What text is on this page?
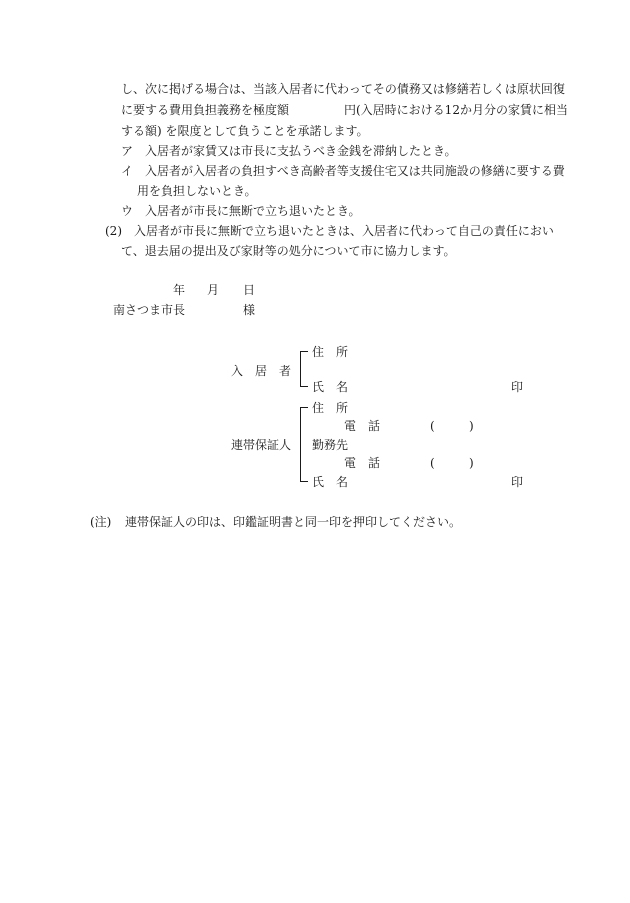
し、次に掲げる場合は、当該入居者に代わってその債務又は修繕若しくは原状回復
に要する費用負担義務を極度額	円(入居時における12か月分の家賃に相当
する額) を限度として負うことを承諾します。
ア　入居者が家賃又は市長に支払うべき金銭を滞納したとき。
イ　入居者が入居者の負担すべき高齢者等支援住宅又は共同施設の修繕に要する費
用を負担しないとき。
ウ　入居者が市長に無断で立ち退いたとき。
(2)　入居者が市長に無断で立ち退いたときは、入居者に代わって自己の責任におい
て、退去届の提出及び家財等の処分について市に協力します。
年 月 日
南さつま市長	様
入　居　者
住　所
氏　名	印
住　所
電　話	(	)
連帯保証人 勤務先
電　話	(	)
氏　名	印
(注) 連帯保証人の印は、印鑑証明書と同一印を押印してください。
